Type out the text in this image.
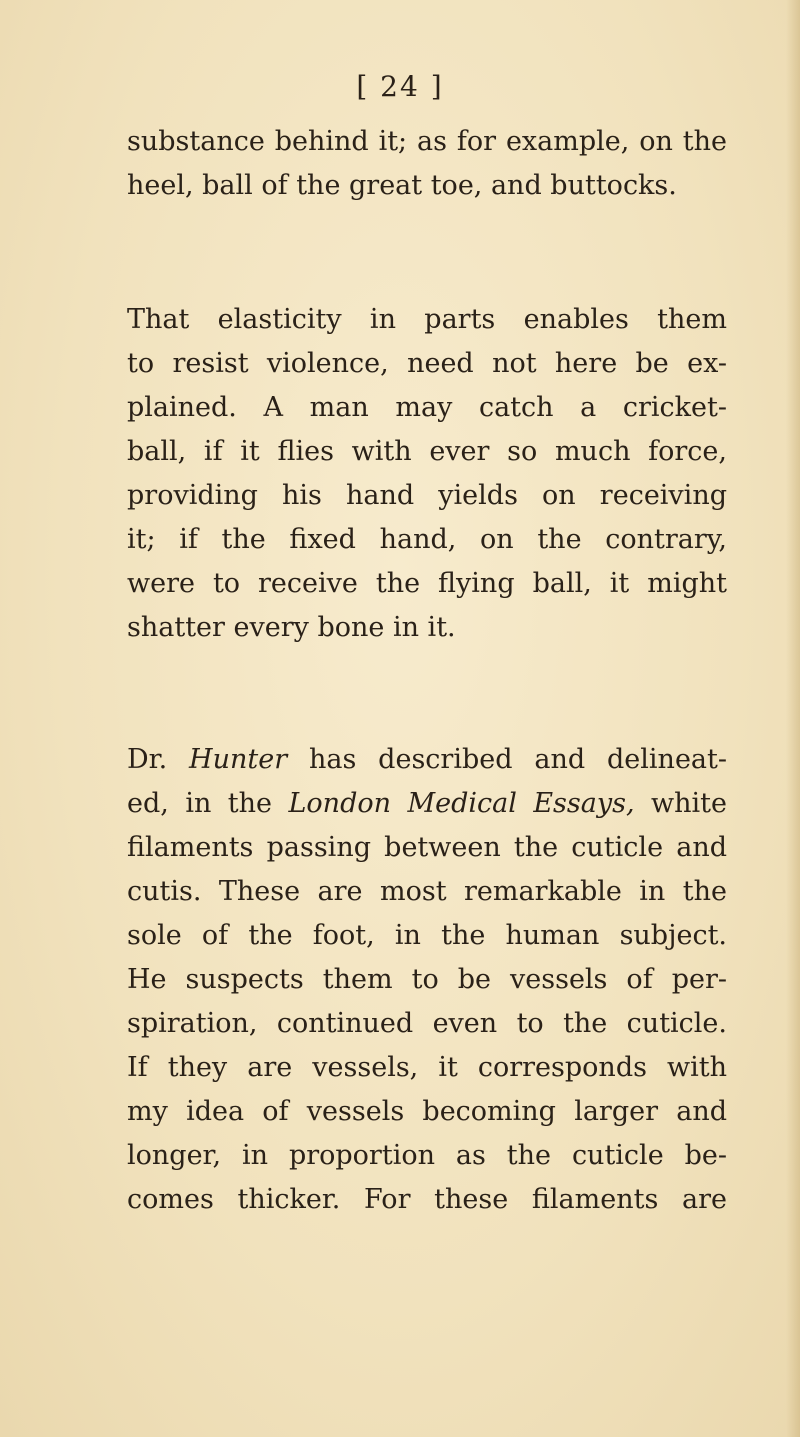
[ 24 ]
substance behind it; as for example, on the
heel, ball of the great toe, and buttocks.
That elasticity in parts enables them
to resist violence, need not here be ex-
plained. A man may catch a cricket-
ball, if it flies with ever so much force,
providing his hand yields on receiving
it; if the fixed hand, on the contrary,
were to receive the flying ball, it might
shatter every bone in it.
Dr. Hunter has described and delineat-
ed, in the London Medical Essays, white
filaments passing between the cuticle and
cutis. These are most remarkable in the
sole of the foot, in the human subject.
He suspects them to be vessels of per-
spiration, continued even to the cuticle.
If they are vessels, it corresponds with
my idea of vessels becoming larger and
longer, in proportion as the cuticle be-
comes thicker. For these filaments are
